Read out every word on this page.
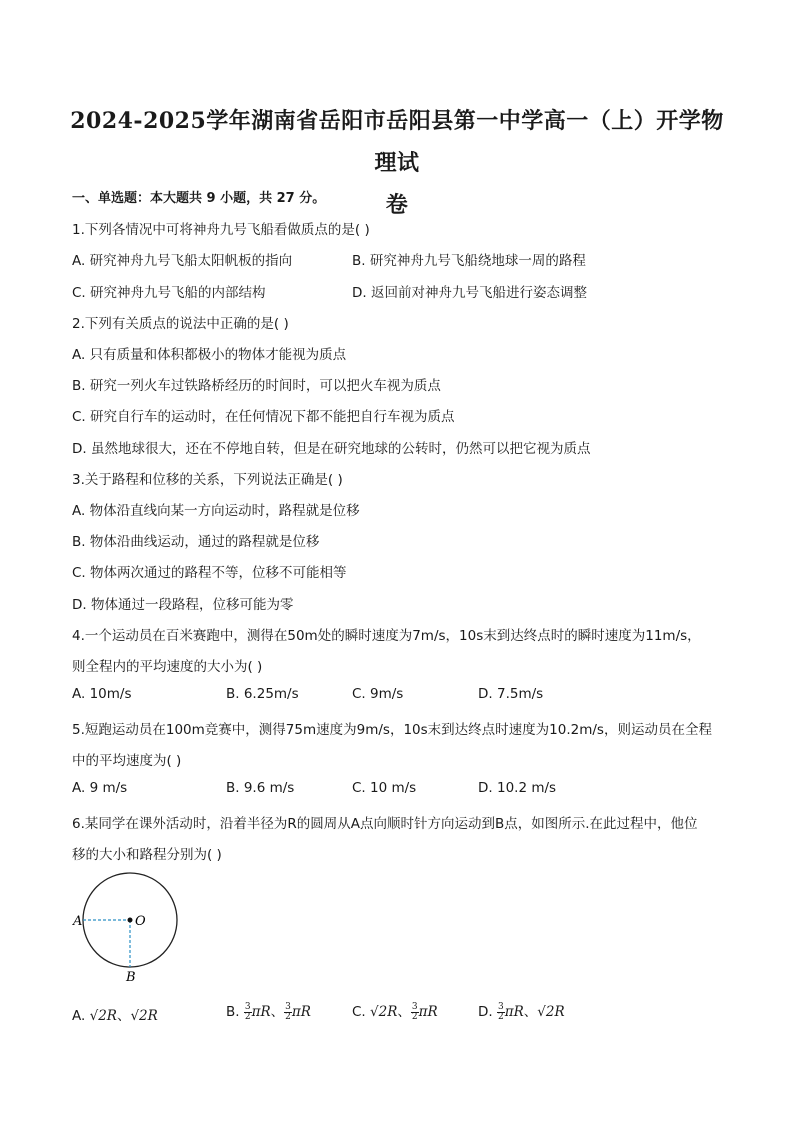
2024-2025学年湖南省岳阳市岳阳县第一中学高一（上）开学物理试
卷
一、单选题：本大题共 9 小题，共 27 分。
1.下列各情况中可将神舟九号飞船看做质点的是( )
A. 研究神舟九号飞船太阳帆板的指向	B. 研究神舟九号飞船绕地球一周的路程
C. 研究神舟九号飞船的内部结构	D. 返回前对神舟九号飞船进行姿态调整
2.下列有关质点的说法中正确的是( )
A. 只有质量和体积都极小的物体才能视为质点
B. 研究一列火车过铁路桥经历的时间时，可以把火车视为质点
C. 研究自行车的运动时，在任何情况下都不能把自行车视为质点
D. 虽然地球很大，还在不停地自转，但是在研究地球的公转时，仍然可以把它视为质点
3.关于路程和位移的关系，下列说法正确是( )
A. 物体沿直线向某一方向运动时，路程就是位移
B. 物体沿曲线运动，通过的路程就是位移
C. 物体两次通过的路程不等，位移不可能相等
D. 物体通过一段路程，位移可能为零
4.一个运动员在百米赛跑中，测得在50m处的瞬时速度为7m/s，10s末到达终点时的瞬时速度为11m/s，
则全程内的平均速度的大小为( )
A. 10m/s	B. 6.25m/s	C. 9m/s	D. 7.5m/s
5.短跑运动员在100m竞赛中，测得75m速度为9m/s，10s末到达终点时速度为10.2m/s，则运动员在全程
中的平均速度为( )
A. 9 m/s	B. 9.6 m/s	C. 10 m/s	D. 10.2 m/s
6.某同学在课外活动时，沿着半径为R的圆周从A点向顺时针方向运动到B点，如图所示.在此过程中，他位
移的大小和路程分别为( )
A	O
B
A. √2R、√2R	B. $\frac{3}{2}$ πR、 $\frac{3}{2}$ πR	C. √2R、 $\frac{3}{2}$ πR	D. $\frac{3}{2}$ πR、√2R
